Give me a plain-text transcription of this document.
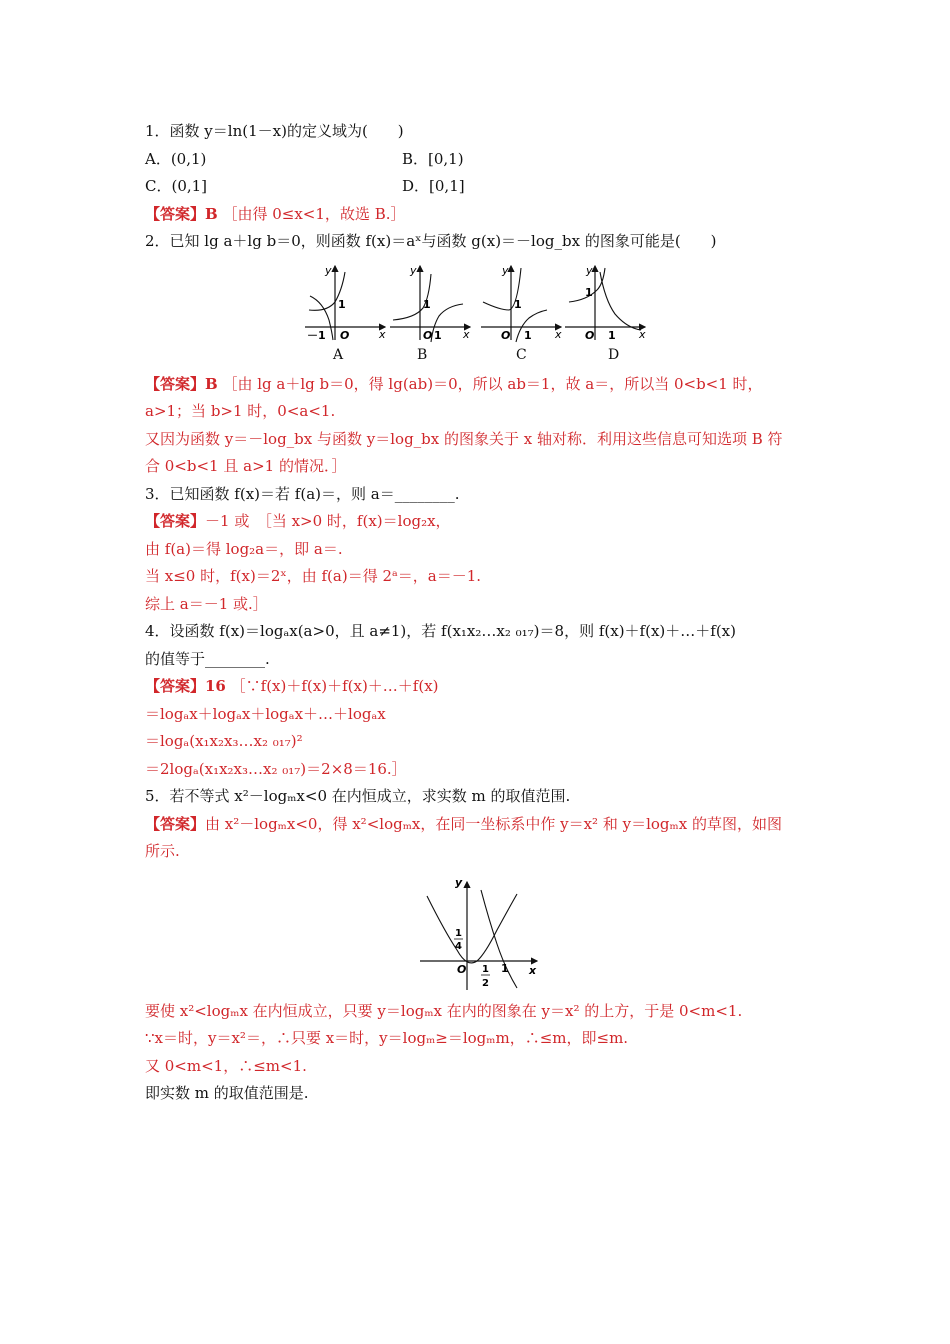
1．函数 y＝ln(1－x)的定义域为(　　)
A．(0,1)	B．[0,1)
C．(0,1]	D．[0,1]
【答案】B ［由得 0≤x<1，故选 B.］
2．已知 lg a＋lg b＝0，则函数 f(x)＝aˣ与函数 g(x)＝－log_bx 的图象可能是(　　)
1
－1 O	x
y
1
O 1 x
y
1
O 1 x
y
1
O 1 x
y
A	B	C	D
【答案】B ［由 lg a＋lg b＝0，得 lg(ab)＝0，所以 ab＝1，故 a＝，所以当 0<b<1 时，
a>1；当 b>1 时，0<a<1.
又因为函数 y＝－log_bx 与函数 y＝log_bx 的图象关于 x 轴对称．利用这些信息可知选项 B 符
合 0<b<1 且 a>1 的情况．］
3．已知函数 f(x)＝若 f(a)＝，则 a＝________.
【答案】－1 或　［当 x>0 时，f(x)＝log₂x，
由 f(a)＝得 log₂a＝，即 a＝.
当 x≤0 时，f(x)＝2ˣ，由 f(a)＝得 2ᵃ＝，a＝－1.
综上 a＝－1 或.］
4．设函数 f(x)＝logₐx(a>0，且 a≠1)，若 f(x₁x₂…x₂ ₀₁₇)＝8，则 f(x)＋f(x)＋…＋f(x)
的值等于________.
【答案】16 ［∵f(x)＋f(x)＋f(x)＋…＋f(x)
＝logₐx＋logₐx＋logₐx＋…＋logₐx
＝logₐ(x₁x₂x₃…x₂ ₀₁₇)²
＝2logₐ(x₁x₂x₃…x₂ ₀₁₇)＝2×8＝16.］
5．若不等式 x²－logₘx<0 在内恒成立，求实数 m 的取值范围.
【答案】由 x²－logₘx<0，得 x²<logₘx，在同一坐标系中作 y＝x² 和 y＝logₘx 的草图，如图
所示.
y
x
O
1
4
1
2
1
要使 x²<logₘx 在内恒成立，只要 y＝logₘx 在内的图象在 y＝x² 的上方，于是 0<m<1.
∵x＝时，y＝x²＝，∴只要 x＝时，y＝logₘ≥＝logₘm，∴≤m，即≤m.
又 0<m<1，∴≤m<1.
即实数 m 的取值范围是.
